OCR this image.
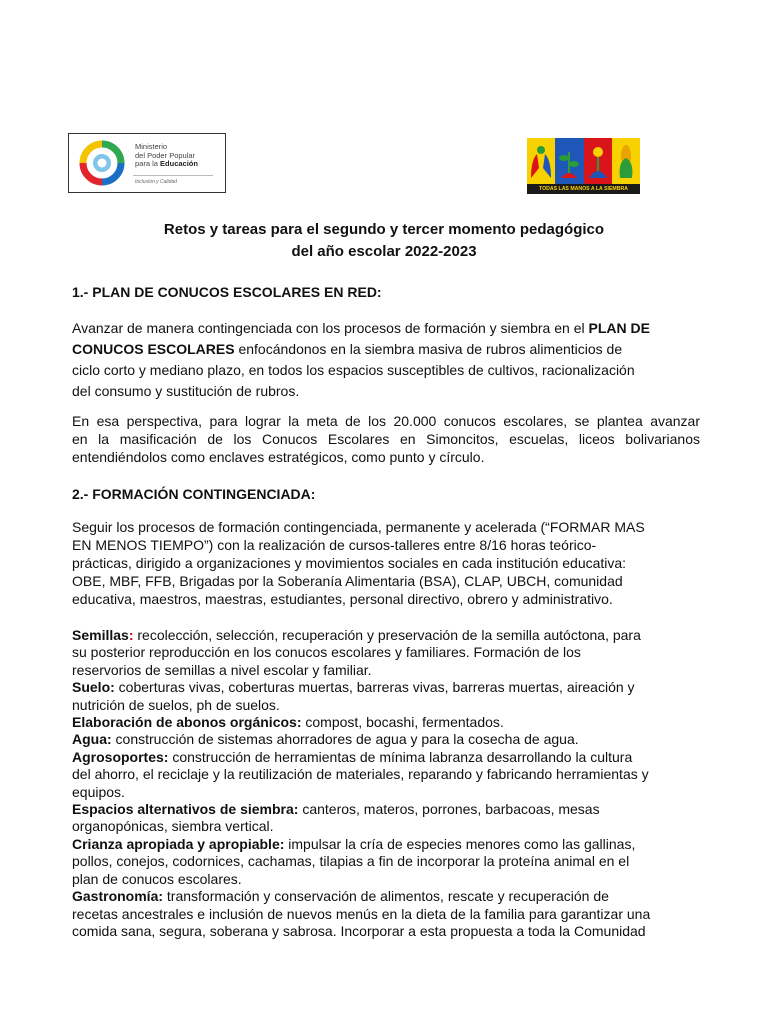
Ministerio
del Poder Popular
para la Educación
Inclusión y Calidad
TODAS LAS MANOS A LA SIEMBRA
Retos y tareas para el segundo y tercer momento pedagógico
del año escolar 2022-2023
1.- PLAN DE CONUCOS ESCOLARES EN RED:
Avanzar de manera contingenciada con los procesos de formación y siembra en el PLAN DE
CONUCOS ESCOLARES enfocándonos en la siembra masiva de rubros alimenticios de
ciclo corto y mediano plazo, en todos los espacios susceptibles de cultivos, racionalización
del consumo y sustitución de rubros.
En esa perspectiva, para lograr la meta de los 20.000 conucos escolares, se plantea avanzar
en la masificación de los Conucos Escolares en Simoncitos, escuelas, liceos bolivarianos
entendiéndolos como enclaves estratégicos, como punto y círculo.
2.- FORMACIÓN CONTINGENCIADA:
Seguir los procesos de formación contingenciada, permanente y acelerada (“FORMAR MAS
EN MENOS TIEMPO”) con la realización de cursos-talleres entre 8/16 horas teórico-
prácticas, dirigido a organizaciones y movimientos sociales en cada institución educativa:
OBE, MBF, FFB, Brigadas por la Soberanía Alimentaria (BSA), CLAP, UBCH, comunidad
educativa, maestros, maestras, estudiantes, personal directivo, obrero y administrativo.
Semillas: recolección, selección, recuperación y preservación de la semilla autóctona, para
su posterior reproducción en los conucos escolares y familiares. Formación de los
reservorios de semillas a nivel escolar y familiar.
Suelo: coberturas vivas, coberturas muertas, barreras vivas, barreras muertas, aireación y
nutrición de suelos, ph de suelos.
Elaboración de abonos orgánicos: compost, bocashi, fermentados.
Agua: construcción de sistemas ahorradores de agua y para la cosecha de agua.
Agrosoportes: construcción de herramientas de mínima labranza desarrollando la cultura
del ahorro, el reciclaje y la reutilización de materiales, reparando y fabricando herramientas y
equipos.
Espacios alternativos de siembra: canteros, materos, porrones, barbacoas, mesas
organopónicas, siembra vertical.
Crianza apropiada y apropiable: impulsar la cría de especies menores como las gallinas,
pollos, conejos, codornices, cachamas, tilapias a fin de incorporar la proteína animal en el
plan de conucos escolares.
Gastronomía: transformación y conservación de alimentos, rescate y recuperación de
recetas ancestrales e inclusión de nuevos menús en la dieta de la familia para garantizar una
comida sana, segura, soberana y sabrosa. Incorporar a esta propuesta a toda la Comunidad
